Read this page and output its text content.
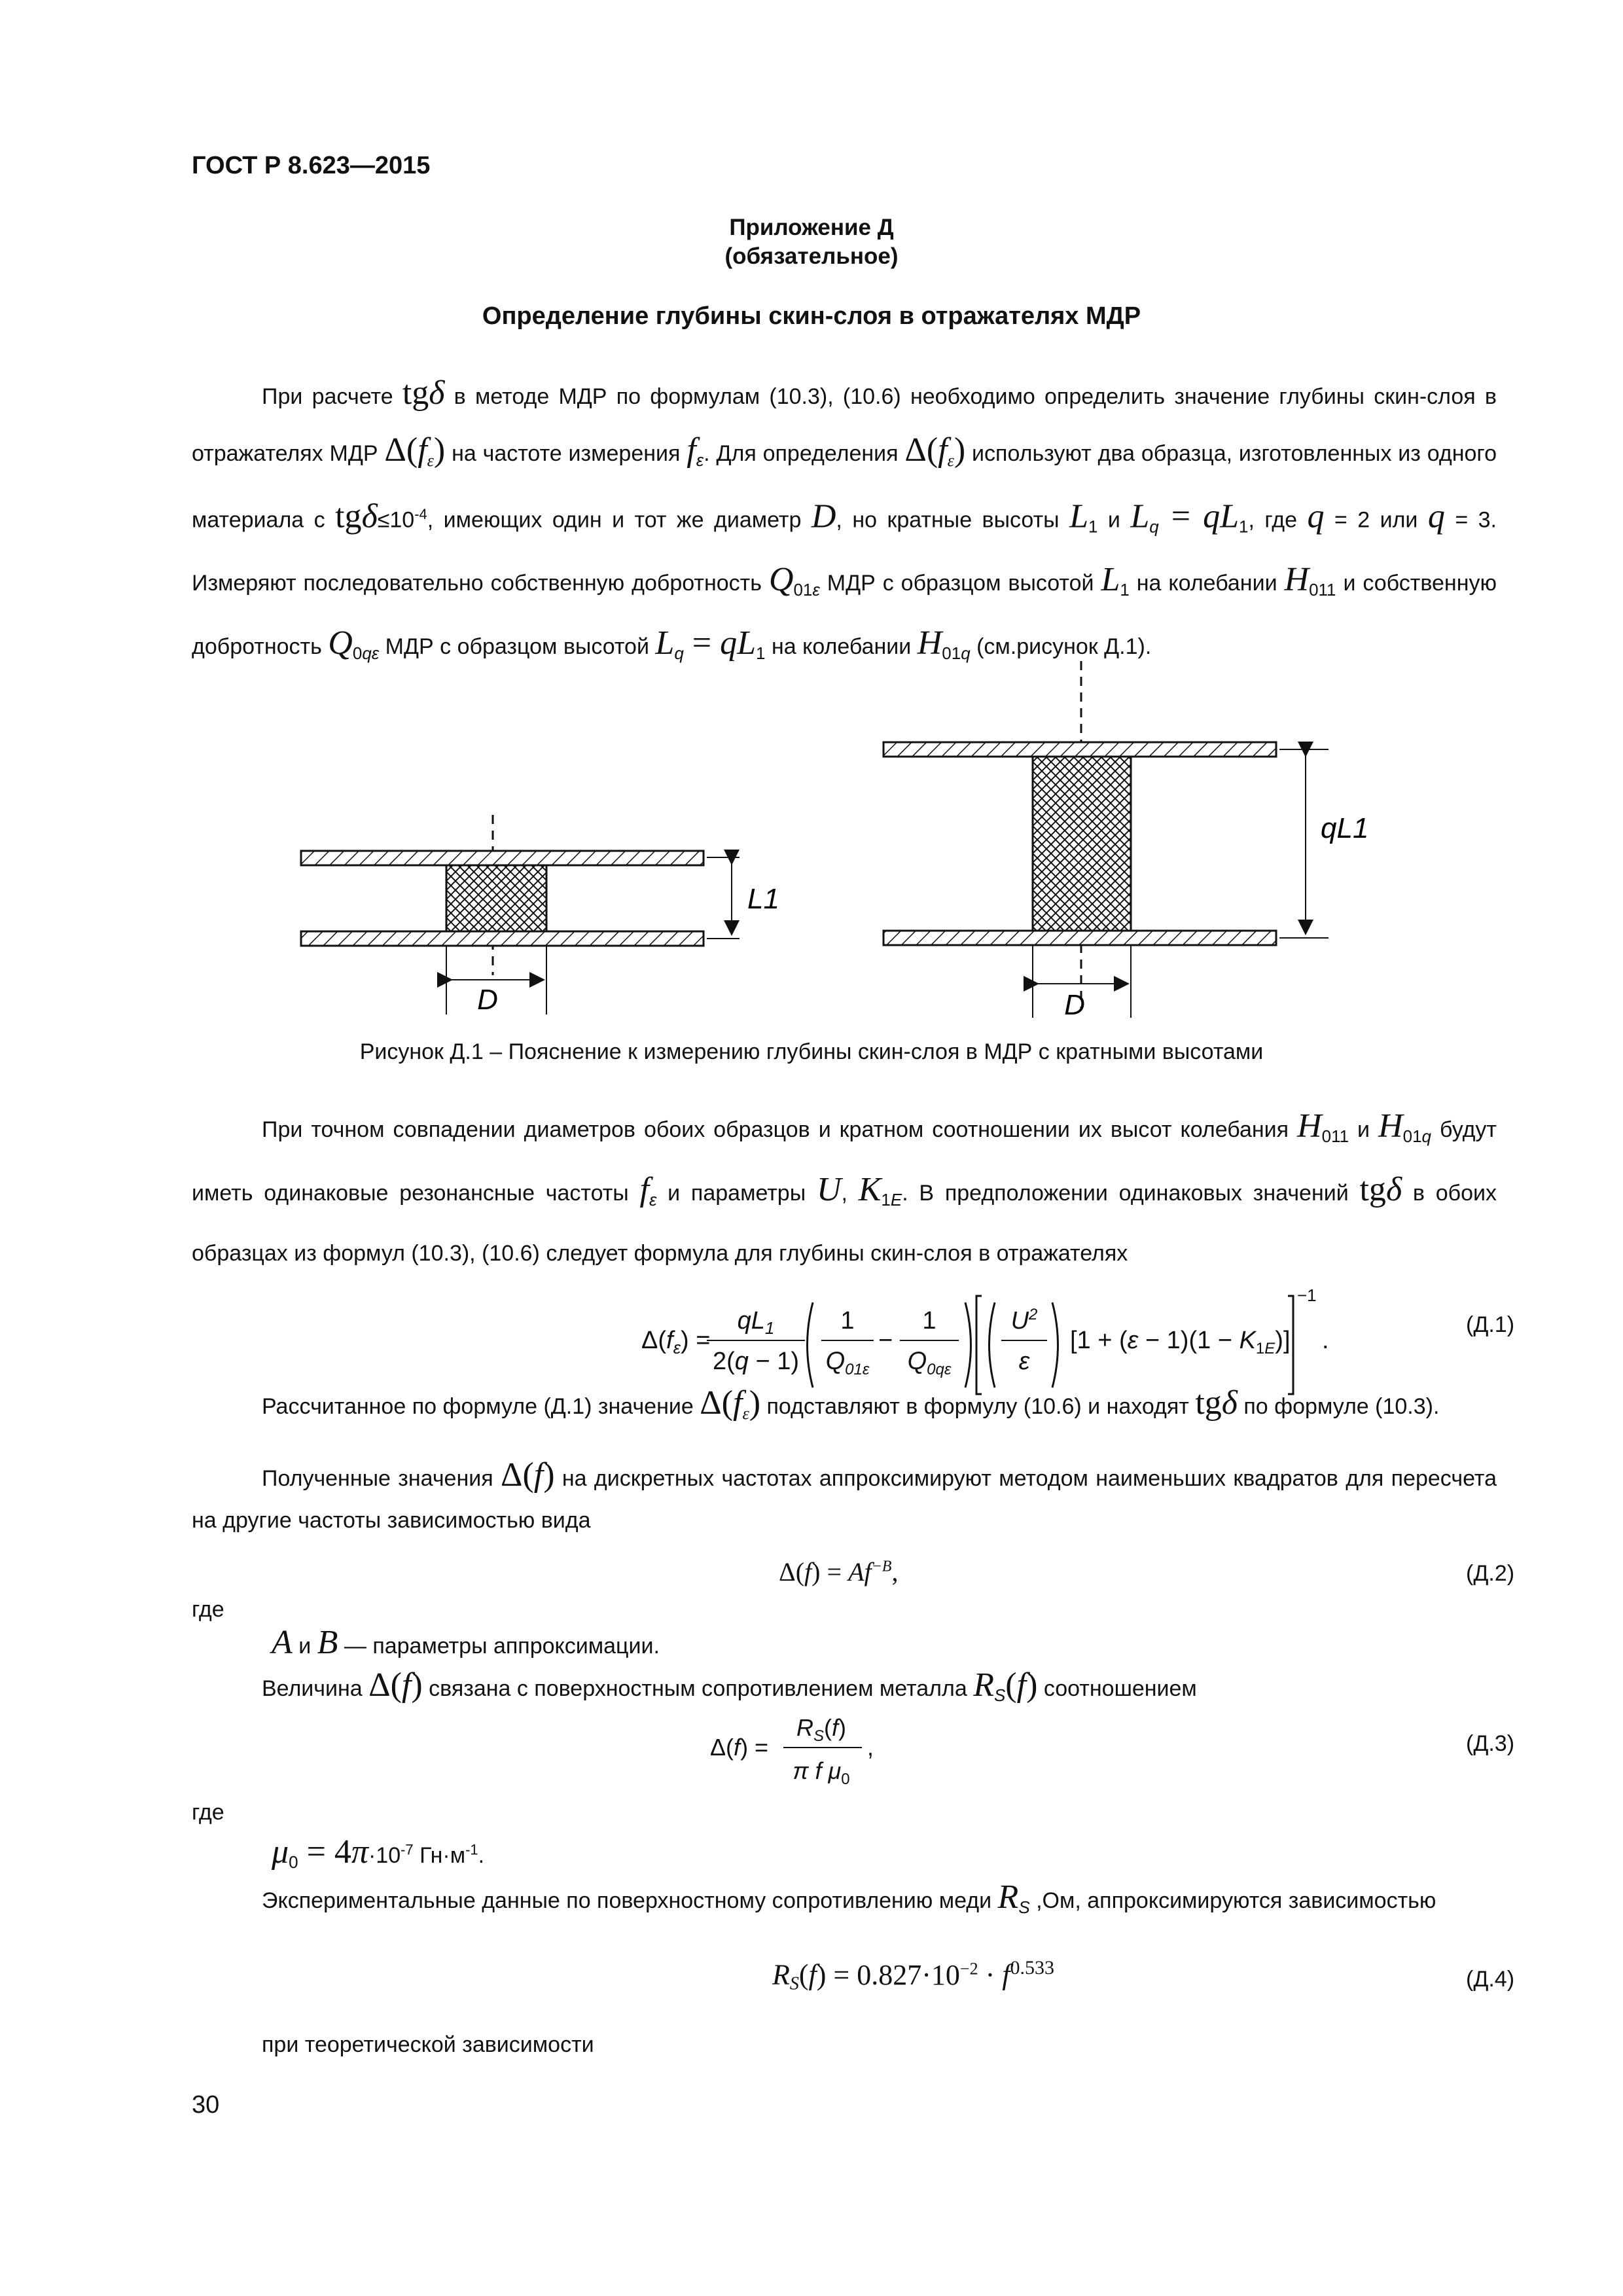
ГОСТ Р 8.623—2015
Приложение Д
(обязательное)
Определение глубины скин-слоя в отражателях МДР
При расчете tgδ в методе МДР по формулам (10.3), (10.6) необходимо определить значение глубины скин-слоя в отражателях МДР $\Delta(f_\varepsilon)$ на частоте измерения $f_\varepsilon$. Для определения $\Delta(f_\varepsilon)$ используют два образца, изготовленных из одного материала с $tg\delta\le 10^{-4}$, имеющих один и тот же диаметр D, но кратные высоты $L_1$ и $L_q = qL_1$, где q = 2 или q = 3. Измеряют последовательно собственную добротность $Q_{01\varepsilon}$ МДР с образцом высотой $L_1$ на колебании $H_{011}$ и собственную добротность $Q_{0q\varepsilon}$ МДР с образцом высотой $L_q = qL_1$ на колебании $H_{01q}$ (см.рисунок Д.1).
D
L1
D
qL1
Рисунок Д.1 – Пояснение к измерению глубины скин-слоя в МДР с кратными высотами
При точном совпадении диаметров обоих образцов и кратном соотношении их высот колебания $H_{011}$ и $H_{01q}$ будут иметь одинаковые резонансные частоты $f_\varepsilon$ и параметры U, $K_{1E}$. В предположении одинаковых значений tgδ в обоих образцах из формул (10.3), (10.6) следует формула для глубины скин-слоя в отражателях
$\Delta(f_\varepsilon)$ =
$qL_1$
2(q − 1)
1
$Q_{01\varepsilon}$
−
1
$Q_{0q\varepsilon}$
$U^2$
ε
$[1 + (\varepsilon - 1)(1 - K_{1E})]$
−1
.
(Д.1)
Рассчитанное по формуле (Д.1) значение $\Delta(f_\varepsilon)$ подставляют в формулу (10.6) и находят tgδ по формуле (10.3).
Полученные значения Δ(f) на дискретных частотах аппроксимируют методом наименьших квадратов для пересчета на другие частоты зависимостью вида
$\Delta(f) = Af^{-B}$,	(Д.2)
где
A и B — параметры аппроксимации.
Величина Δ(f) связана с поверхностным сопротивлением металла $R_S(f)$ соотношением
Δ(f) =
$R_S(f)$
π f $\mu_0$
,	(Д.3)
где
$\mu_0 = 4\pi\cdot 10^{-7}$ $Гн\cdot м^{-1}$.
Экспериментальные данные по поверхностному сопротивлению меди $R_S$ ,Ом, аппроксимируются зависимостью
$RS(f) = 0.827\cdot 10^{-2} \cdot f^{0.533}$	(Д.4)
при теоретической зависимости
30
